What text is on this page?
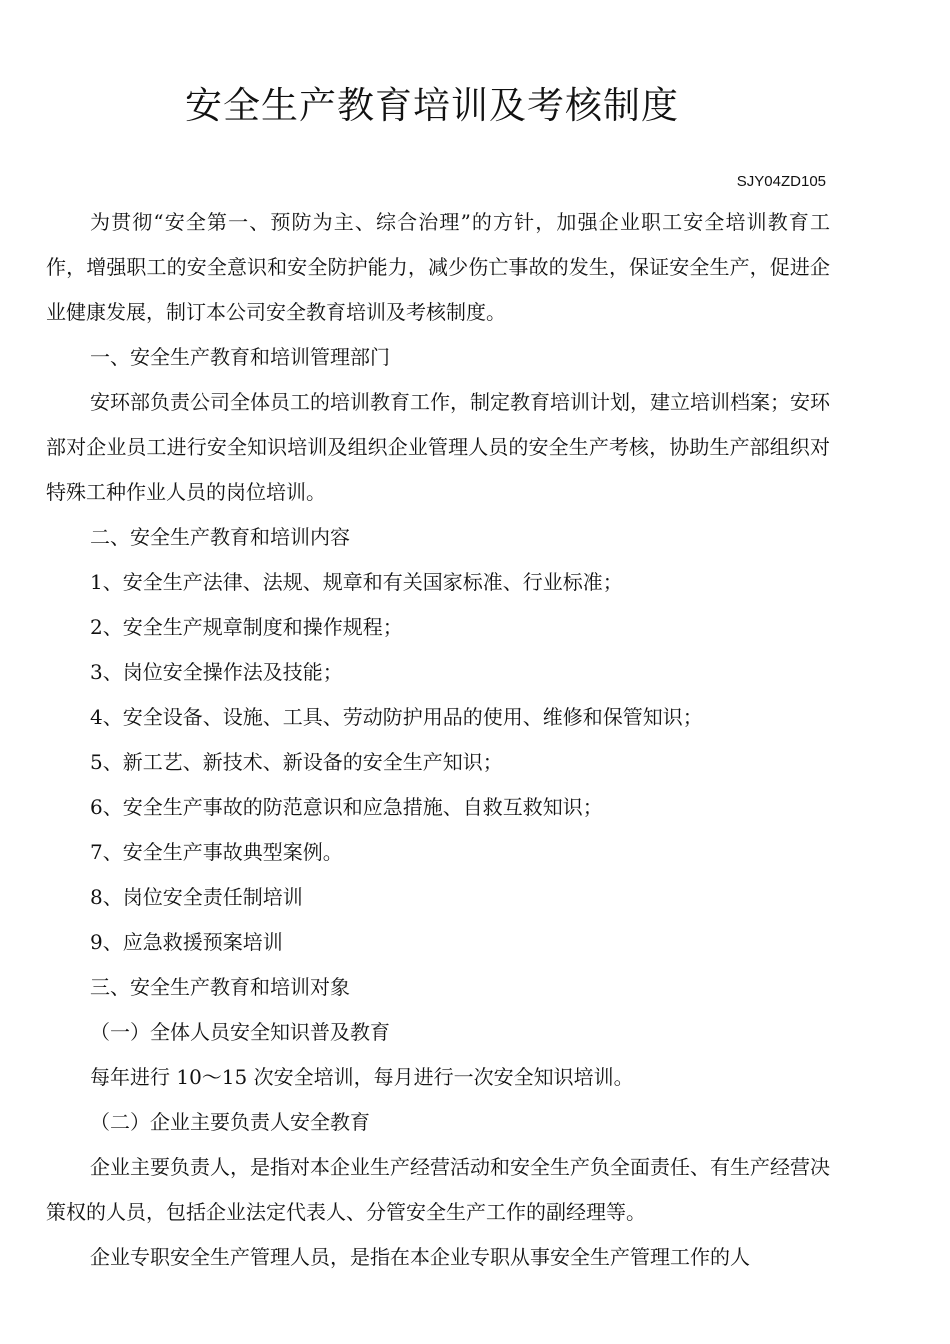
安全生产教育培训及考核制度
SJY04ZD105

为贯彻“安全第一、预防为主、综合治理”的方针，加强企业职工安全培训教育工作，增强职工的安全意识和安全防护能力，减少伤亡事故的发生，保证安全生产，促进企业健康发展，制订本公司安全教育培训及考核制度。

一、安全生产教育和培训管理部门

安环部负责公司全体员工的培训教育工作，制定教育培训计划，建立培训档案；安环部对企业员工进行安全知识培训及组织企业管理人员的安全生产考核，协助生产部组织对特殊工种作业人员的岗位培训。

二、安全生产教育和培训内容

1、安全生产法律、法规、规章和有关国家标准、行业标准；

2、安全生产规章制度和操作规程；

3、岗位安全操作法及技能；

4、安全设备、设施、工具、劳动防护用品的使用、维修和保管知识；

5、新工艺、新技术、新设备的安全生产知识；

6、安全生产事故的防范意识和应急措施、自救互救知识；

7、安全生产事故典型案例。

8、岗位安全责任制培训

9、应急救援预案培训

三、安全生产教育和培训对象

（一）全体人员安全知识普及教育

每年进行 10～15 次安全培训，每月进行一次安全知识培训。

（二）企业主要负责人安全教育

企业主要负责人，是指对本企业生产经营活动和安全生产负全面责任、有生产经营决策权的人员，包括企业法定代表人、分管安全生产工作的副经理等。

企业专职安全生产管理人员，是指在本企业专职从事安全生产管理工作的人
